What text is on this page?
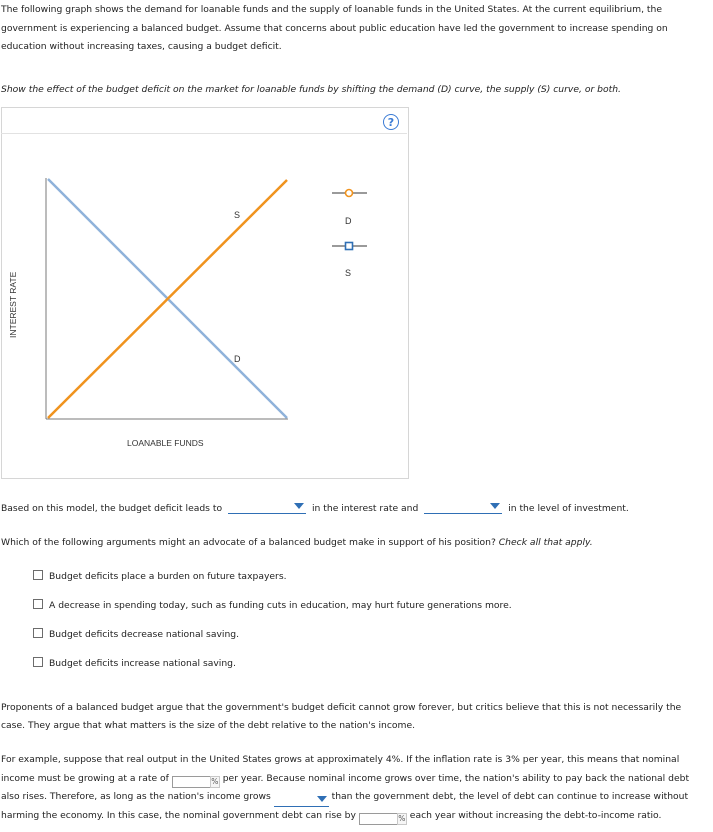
The following graph shows the demand for loanable funds and the supply of loanable funds in the United States. At the current equilibrium, the government is experiencing a balanced budget. Assume that concerns about public education have led the government to increase spending on education without increasing taxes, causing a budget deficit.

Show the effect of the budget deficit on the market for loanable funds by shifting the demand (D) curve, the supply (S) curve, or both.

?
S
D
INTEREST RATE
LOANABLE FUNDS
D
S
Based on this model, the budget deficit leads to	in the interest rate and	in the level of investment.
Which of the following arguments might an advocate of a balanced budget make in support of his position? Check all that apply.
Budget deficits place a burden on future taxpayers.
A decrease in spending today, such as funding cuts in education, may hurt future generations more.
Budget deficits decrease national saving.
Budget deficits increase national saving.

Proponents of a balanced budget argue that the government's budget deficit cannot grow forever, but critics believe that this is not necessarily the case. They argue that what matters is the size of the debt relative to the nation's income.

For example, suppose that real output in the United States grows at approximately 4%. If the inflation rate is 3% per year, this means that nominal income must be growing at a rate of	% per year. Because nominal income grows over time, the nation's ability to pay back the national debt also rises. Therefore, as long as the nation's income grows	than the government debt, the level of debt can continue to increase without harming the economy. In this case, the nominal government debt can rise by	% each year without increasing the debt-to-income ratio.
